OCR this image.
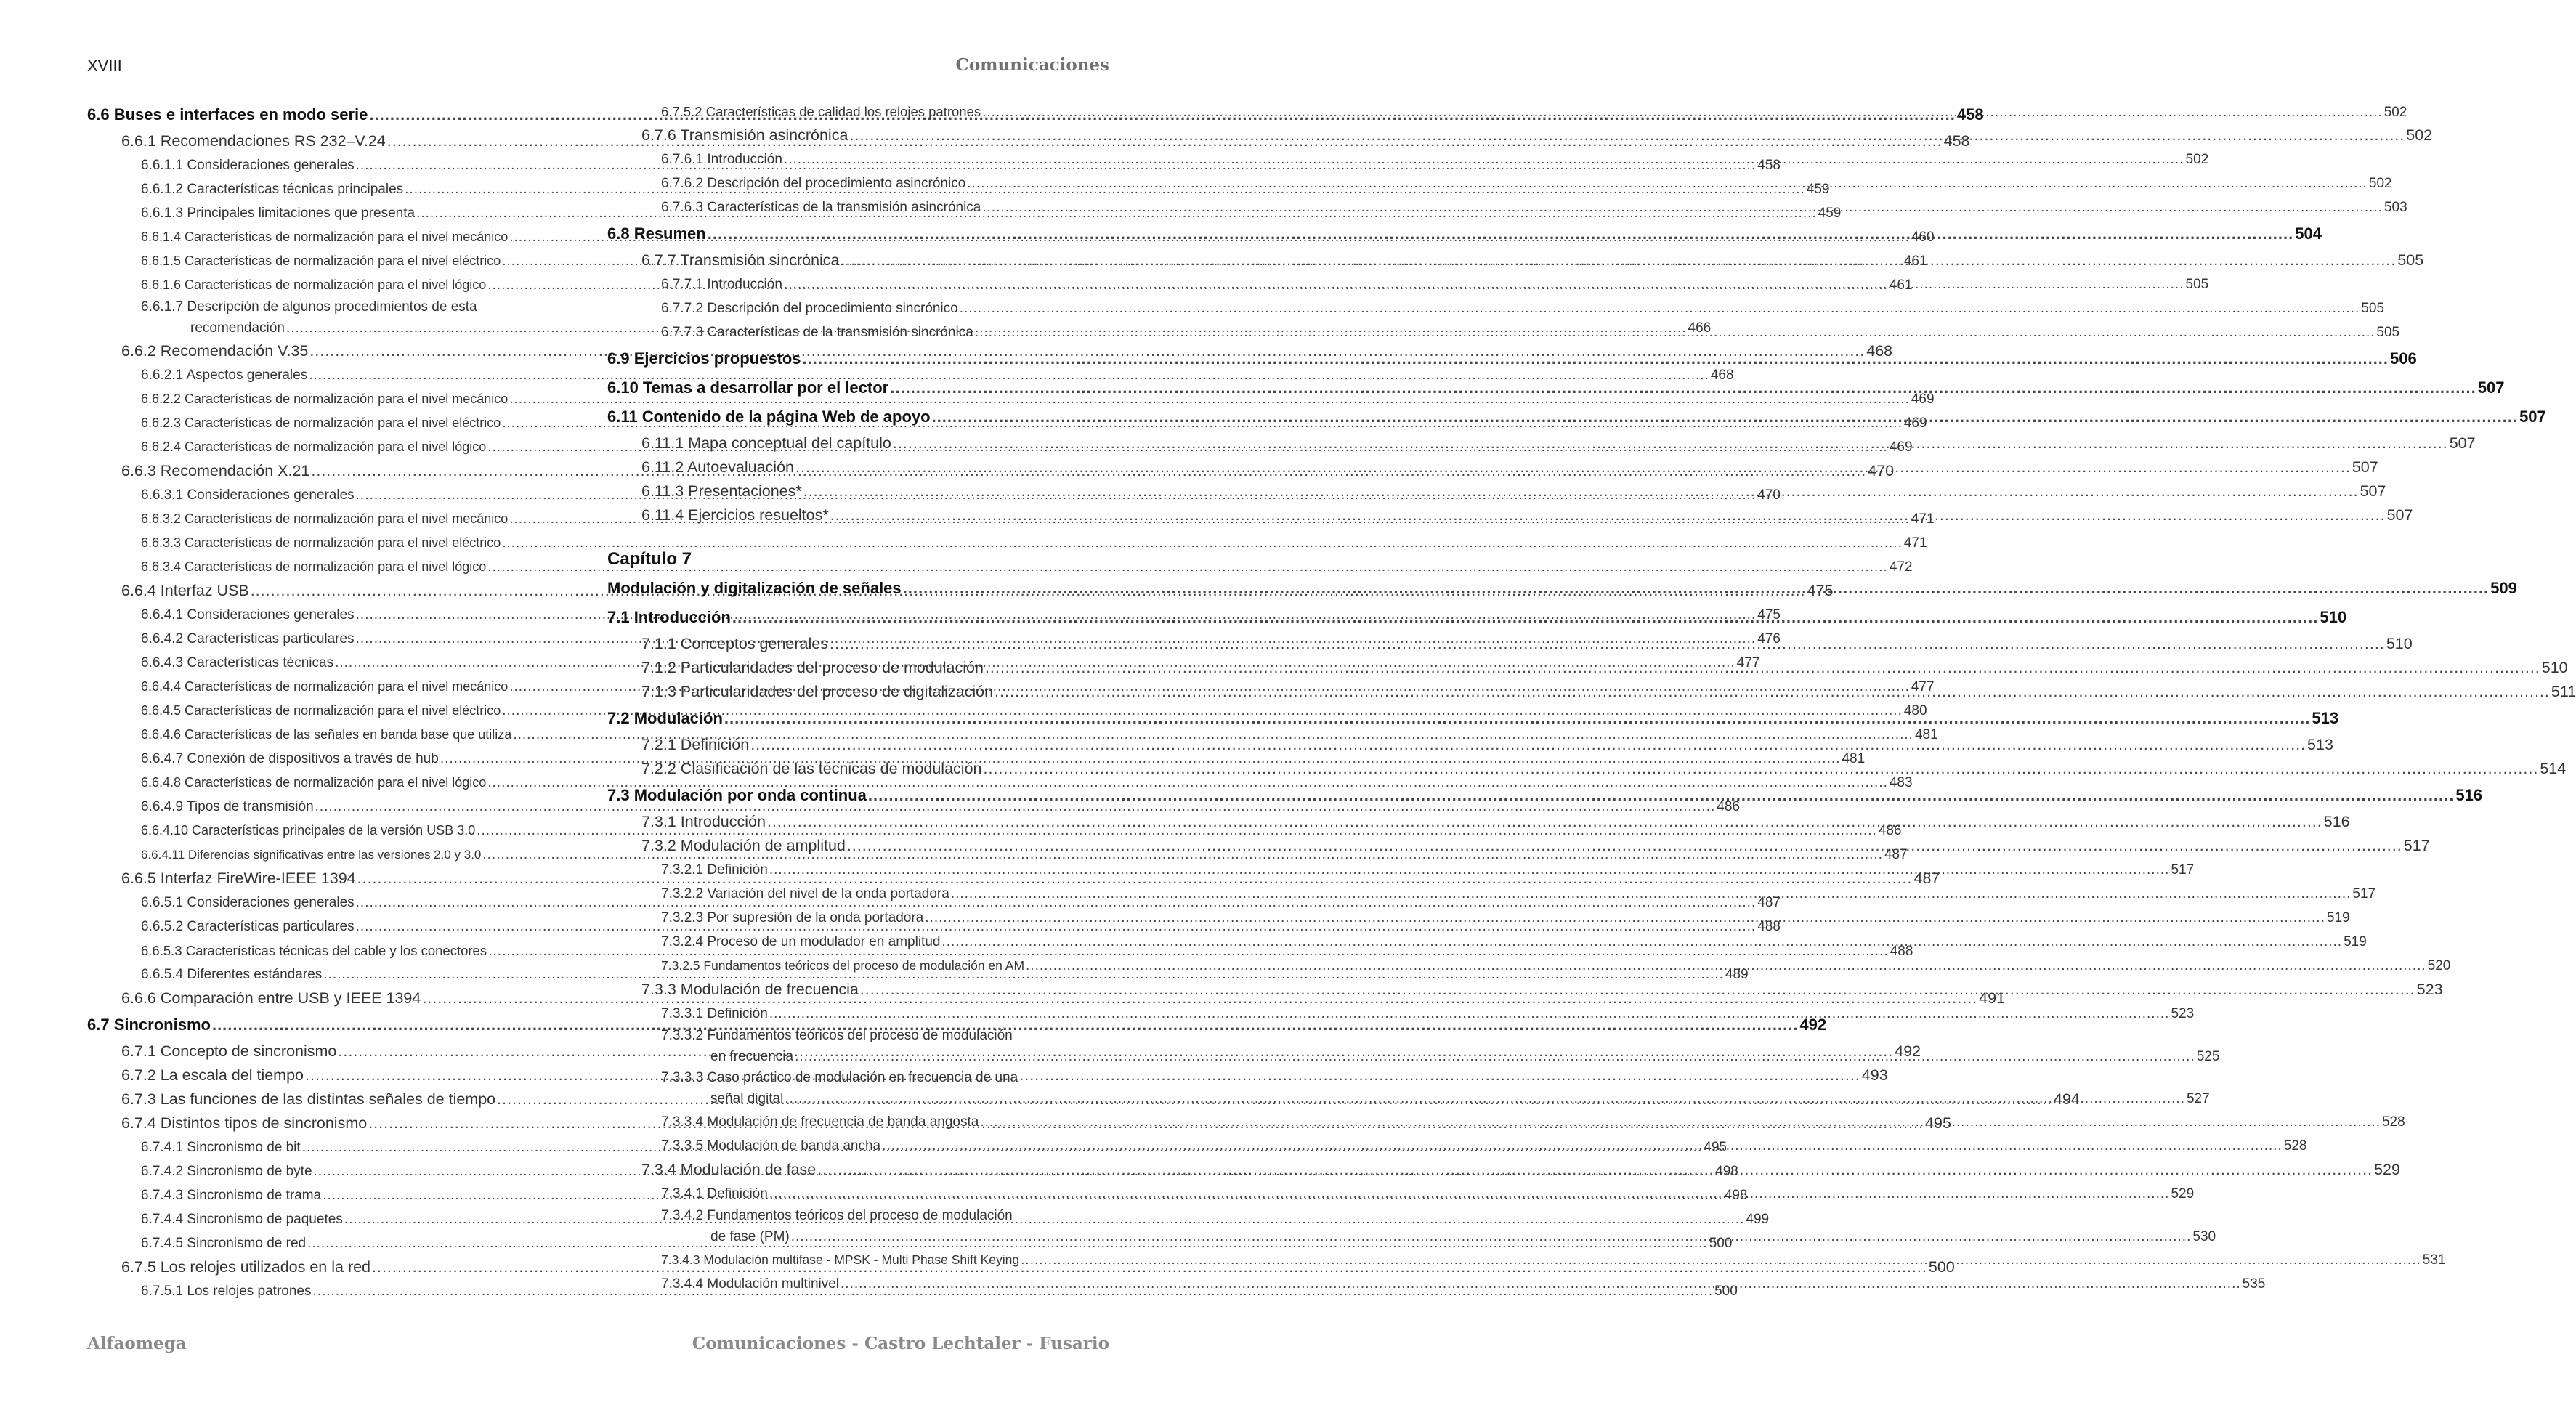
XVIII	Comunicaciones
6.6 Buses e interfaces en modo serie .....	458
6.6.1 Recomendaciones RS 232–V.24 .....	458
6.6.1.1 Consideraciones generales .....	458
6.6.1.2 Características técnicas principales .....	459
6.6.1.3 Principales limitaciones que presenta .....	459
6.6.1.4 Características de normalización para el nivel mecánico .....	460
6.6.1.5 Características de normalización para el nivel eléctrico .....	461
6.6.1.6 Características de normalización para el nivel lógico .....	461
6.6.1.7 Descripción de algunos procedimientos de esta
recomendación .....	466
6.6.2 Recomendación V.35 .....	468
6.6.2.1 Aspectos generales .....	468
6.6.2.2 Características de normalización para el nivel mecánico .....	469
6.6.2.3 Características de normalización para el nivel eléctrico .....	469
6.6.2.4 Características de normalización para el nivel lógico .....	469
6.6.3 Recomendación X.21 .....	470
6.6.3.1 Consideraciones generales .....	470
6.6.3.2 Características de normalización para el nivel mecánico .....	471
6.6.3.3 Características de normalización para el nivel eléctrico .....	471
6.6.3.4 Características de normalización para el nivel lógico .....	472
6.6.4 Interfaz USB .....	475
6.6.4.1 Consideraciones generales .....	475
6.6.4.2 Características particulares .....	476
6.6.4.3 Características técnicas .....	477
6.6.4.4 Características de normalización para el nivel mecánico .....	477
6.6.4.5 Características de normalización para el nivel eléctrico .....	480
6.6.4.6 Características de las señales en banda base que utiliza .....	481
6.6.4.7 Conexión de dispositivos a través de hub .....	481
6.6.4.8 Características de normalización para el nivel lógico .....	483
6.6.4.9 Tipos de transmisión .....	486
6.6.4.10 Características principales de la versión USB 3.0 .....	486
6.6.4.11 Diferencias significativas entre las versiones 2.0 y 3.0 .....	487
6.6.5 Interfaz FireWire-IEEE 1394 .....	487
6.6.5.1 Consideraciones generales .....	487
6.6.5.2 Características particulares .....	488
6.6.5.3 Características técnicas del cable y los conectores .....	488
6.6.5.4 Diferentes estándares .....	489
6.6.6 Comparación entre USB y IEEE 1394 .....	491
6.7 Sincronismo .....	492
6.7.1 Concepto de sincronismo .....	492
6.7.2 La escala del tiempo .....	493
6.7.3 Las funciones de las distintas señales de tiempo .....	494
6.7.4 Distintos tipos de sincronismo .....	495
6.7.4.1 Sincronismo de bit .....	495
6.7.4.2 Sincronismo de byte .....	498
6.7.4.3 Sincronismo de trama .....	498
6.7.4.4 Sincronismo de paquetes .....	499
6.7.4.5 Sincronismo de red .....	500
6.7.5 Los relojes utilizados en la red .....	500
6.7.5.1 Los relojes patrones .....	500
6.7.5.2 Características de calidad los relojes patrones .....	502
6.7.6 Transmisión asincrónica .....	502
6.7.6.1 Introducción .....	502
6.7.6.2 Descripción del procedimiento asincrónico .....	502
6.7.6.3 Características de la transmisión asincrónica .....	503
6.8 Resumen .....	504
6.7.7 Transmisión sincrónica .....	505
6.7.7.1 Introducción .....	505
6.7.7.2 Descripción del procedimiento sincrónico .....	505
6.7.7.3 Características de la transmisión sincrónica .....	505
6.9 Ejercicios propuestos .....	506
6.10 Temas a desarrollar por el lector .....	507
6.11 Contenido de la página Web de apoyo .....	507
6.11.1 Mapa conceptual del capítulo .....	507
6.11.2 Autoevaluación .....	507
6.11.3 Presentaciones* .....	507
6.11.4 Ejercicios resueltos* .....	507
Capítulo 7
Modulación y digitalización de señales .....	509
7.1 Introducción .....	510
7.1.1 Conceptos generales .....	510
7.1.2 Particularidades del proceso de modulación .....	510
7.1.3 Particularidades del proceso de digitalización .....	511
7.2 Modulación .....	513
7.2.1 Definición .....	513
7.2.2 Clasificación de las técnicas de modulación .....	514
7.3 Modulación por onda continua .....	516
7.3.1 Introducción .....	516
7.3.2 Modulación de amplitud .....	517
7.3.2.1 Definición .....	517
7.3.2.2 Variación del nivel de la onda portadora .....	517
7.3.2.3 Por supresión de la onda portadora .....	519
7.3.2.4 Proceso de un modulador en amplitud .....	519
7.3.2.5 Fundamentos teóricos del proceso de modulación en AM .....	520
7.3.3 Modulación de frecuencia .....	523
7.3.3.1 Definición .....	523
7.3.3.2 Fundamentos teóricos del proceso de modulación
en frecuencia .....	525
7.3.3.3 Caso práctico de modulación en frecuencia de una
señal digital .....	527
7.3.3.4 Modulación de frecuencia de banda angosta .....	528
7.3.3.5 Modulación de banda ancha .....	528
7.3.4 Modulación de fase .....	529
7.3.4.1 Definición .....	529
7.3.4.2 Fundamentos teóricos del proceso de modulación
de fase (PM) .....	530
7.3.4.3 Modulación multifase - MPSK - Multi Phase Shift Keying .....	531
7.3.4.4 Modulación multinivel .....	535
Alfaomega	Comunicaciones - Castro Lechtaler - Fusario
